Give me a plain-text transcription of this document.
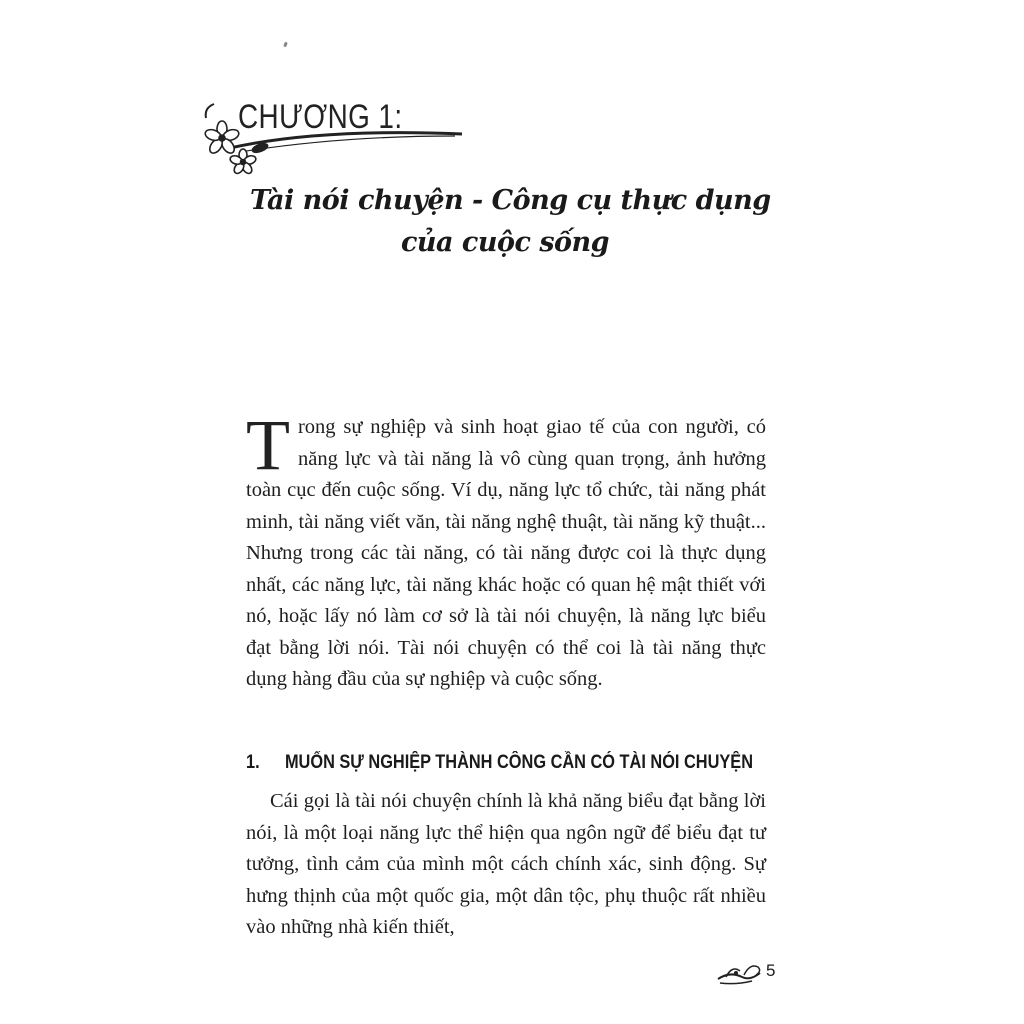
CHƯƠNG 1:
Tài nói chuyện - Công cụ thực dụng
của cuộc sống

T rong sự nghiệp và sinh hoạt giao tế của con người, có năng lực và tài năng là vô cùng quan trọng, ảnh hưởng toàn cục đến cuộc sống. Ví dụ, năng lực tổ chức, tài năng phát minh, tài năng viết văn, tài năng nghệ thuật, tài năng kỹ thuật... Nhưng trong các tài năng, có tài năng được coi là thực dụng nhất, các năng lực, tài năng khác hoặc có quan hệ mật thiết với nó, hoặc lấy nó làm cơ sở là tài nói chuyện, là năng lực biểu đạt bằng lời nói. Tài nói chuyện có thể coi là tài năng thực dụng hàng đầu của sự nghiệp và cuộc sống.

1. MUỐN SỰ NGHIỆP THÀNH CÔNG CẦN CÓ TÀI NÓI CHUYỆN
Cái gọi là tài nói chuyện chính là khả năng biểu đạt bằng lời nói, là một loại năng lực thể hiện qua ngôn ngữ để biểu đạt tư tưởng, tình cảm của mình một cách chính xác, sinh động. Sự hưng thịnh của một quốc gia, một dân tộc, phụ thuộc rất nhiều vào những nhà kiến thiết,
5
